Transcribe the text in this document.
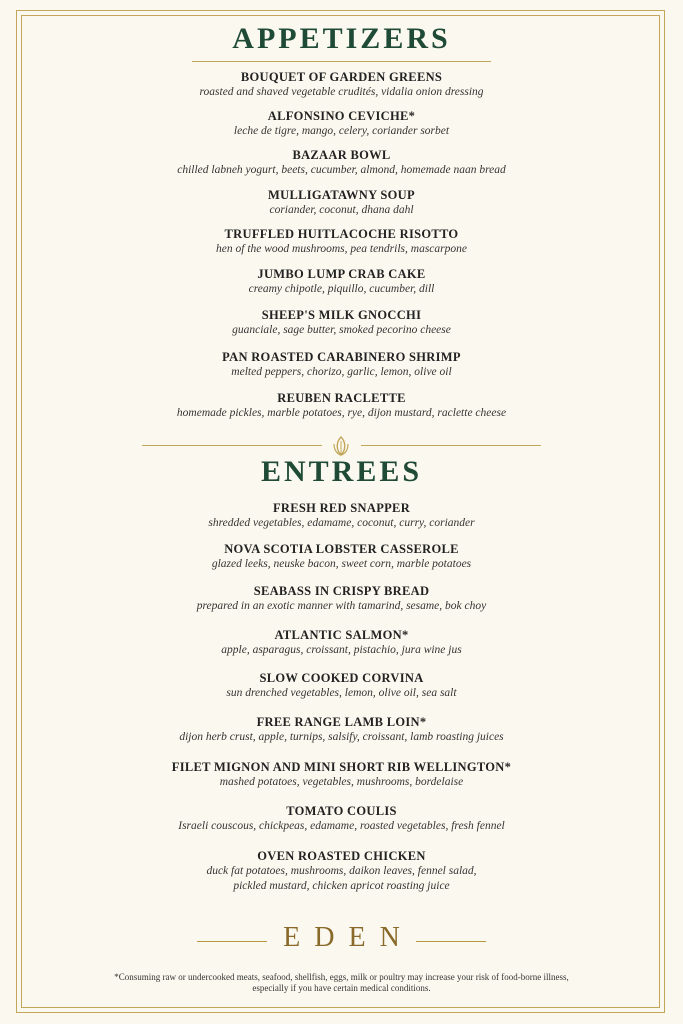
APPETIZERS
BOUQUET OF GARDEN GREENS
roasted and shaved vegetable crudités, vidalia onion dressing
ALFONSINO CEVICHE*
leche de tigre, mango, celery, coriander sorbet
BAZAAR BOWL
chilled labneh yogurt, beets, cucumber, almond, homemade naan bread
MULLIGATAWNY SOUP
coriander, coconut, dhana dahl
TRUFFLED HUITLACOCHE RISOTTO
hen of the wood mushrooms, pea tendrils, mascarpone
JUMBO LUMP CRAB CAKE
creamy chipotle, piquillo, cucumber, dill
SHEEP'S MILK GNOCCHI
guanciale, sage butter, smoked pecorino cheese
PAN ROASTED CARABINERO SHRIMP
melted peppers, chorizo, garlic, lemon, olive oil
REUBEN RACLETTE
homemade pickles, marble potatoes, rye, dijon mustard, raclette cheese
ENTREES
FRESH RED SNAPPER
shredded vegetables, edamame, coconut, curry, coriander
NOVA SCOTIA LOBSTER CASSEROLE
glazed leeks, neuske bacon, sweet corn, marble potatoes
SEABASS IN CRISPY BREAD
prepared in an exotic manner with tamarind, sesame, bok choy
ATLANTIC SALMON*
apple, asparagus, croissant, pistachio, jura wine jus
SLOW COOKED CORVINA
sun drenched vegetables, lemon, olive oil, sea salt
FREE RANGE LAMB LOIN*
dijon herb crust, apple, turnips, salsify, croissant, lamb roasting juices
FILET MIGNON AND MINI SHORT RIB WELLINGTON*
mashed potatoes, vegetables, mushrooms, bordelaise
TOMATO COULIS
Israeli couscous, chickpeas, edamame, roasted vegetables, fresh fennel
OVEN ROASTED CHICKEN
duck fat potatoes, mushrooms, daikon leaves, fennel salad,
pickled mustard, chicken apricot roasting juice
EDEN
*Consuming raw or undercooked meats, seafood, shellfish, eggs, milk or poultry may increase your risk of food-borne illness,
especially if you have certain medical conditions.
